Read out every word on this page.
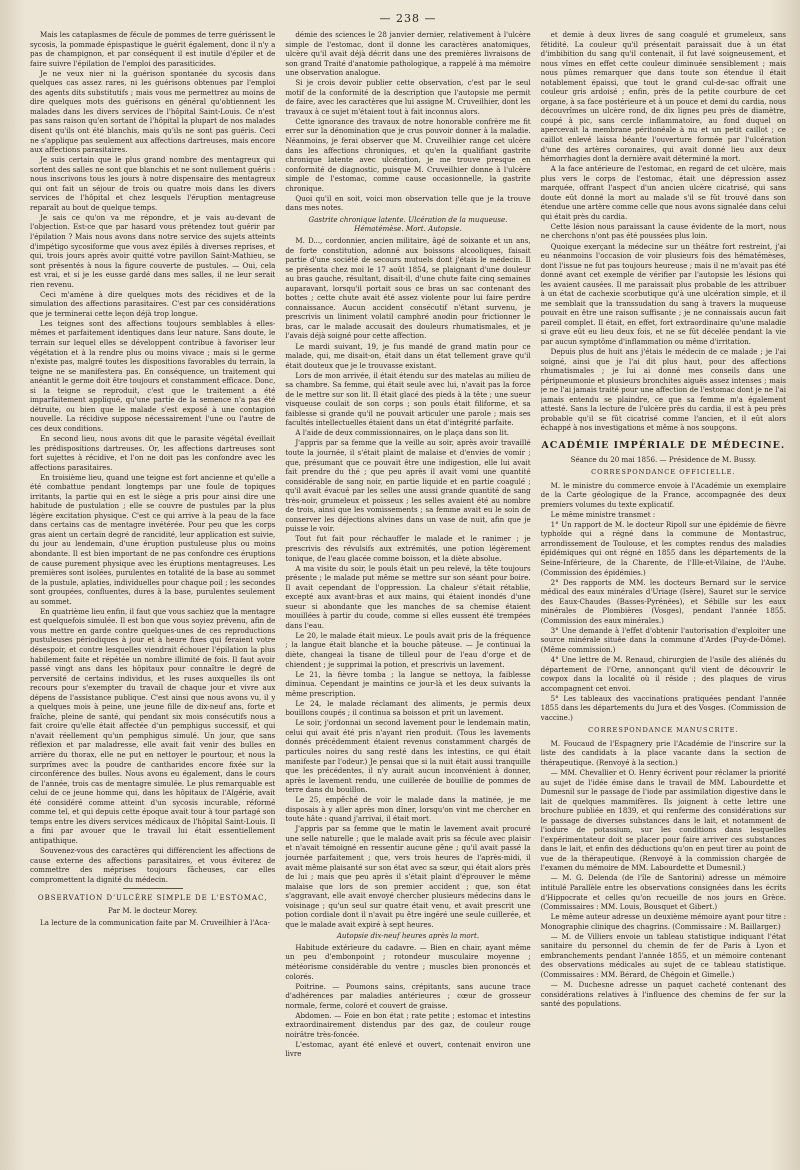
— 238 —

Mais les cataplasmes de fécule de pommes de terre guérissent le sycosis, la pommade épispastique le guérit également, donc il n'y a pas de champignon, et par conséquent il est inutile d'épiler et de faire suivre l'épilation de l'emploi des parasiticides.

Je ne veux nier ni la guérison spontanée du sycosis dans quelques cas assez rares, ni les guérisons obtenues par l'emploi des agents dits substitutifs ; mais vous me permettrez au moins de dire quelques mots des guérisons en général qu'obtiennent les malades dans les divers services de l'hôpital Saint-Louis. Ce n'est pas sans raison qu'en sortant de l'hôpital la plupart de nos malades disent qu'ils ont été blanchis, mais qu'ils ne sont pas guéris. Ceci ne s'applique pas seulement aux affections dartreuses, mais encore aux affections parasitaires.

Je suis certain que le plus grand nombre des mentagreux qui sortent des salles ne sont que blanchis et ne sont nullement guéris : nous inscrivons tous les jours à notre dispensaire des mentagreux qui ont fait un séjour de trois ou quatre mois dans les divers services de l'hôpital et chez lesquels l'éruption mentagreuse reparaît au bout de quelque temps.

Je sais ce qu'on va me répondre, et je vais au-devant de l'objection. Est-ce que par hasard vous prétendez tout guérir par l'épilation ? Mais nous avons dans notre service des sujets atteints d'impétigo sycosiforme que vous avez épilés à diverses reprises, et qui, trois jours après avoir quitté votre pavillon Saint-Mathieu, se sont présentés à nous la figure couverte de pustules. — Oui, cela est vrai, et si je les eusse gardé dans mes salles, il ne leur serait rien revenu.

Ceci m'amène à dire quelques mots des récidives et de la simulation des affections parasitaires. C'est par ces considérations que je terminerai cette leçon déjà trop longue.

Les teignes sont des affections toujours semblables à elles-mêmes et parfaitement identiques dans leur nature. Sans doute, le terrain sur lequel elles se développent contribue à favoriser leur végétation et à la rendre plus ou moins vivace ; mais si le germe n'existe pas, malgré toutes les dispositions favorables du terrain, la teigne ne se manifestera pas. En conséquence, un traitement qui anéantit le germe doit être toujours et constamment efficace. Donc, si la teigne se reproduit, c'est que le traitement a été imparfaitement appliqué, qu'une partie de la semence n'a pas été détruite, ou bien que le malade s'est exposé à une contagion nouvelle. La récidive suppose nécessairement l'une ou l'autre de ces deux conditions.

En second lieu, nous avons dit que le parasite végétal éveillait les prédispositions dartreuses. Or, les affections dartreuses sont fort sujettes à récidive, et l'on ne doit pas les confondre avec les affections parasitaires.

En troisième lieu, quand une teigne est fort ancienne et qu'elle a été combattue pendant longtemps par une foule de topiques irritants, la partie qui en est le siège a pris pour ainsi dire une habitude de pustulation ; elle se couvre de pustules par la plus légère excitation physique. C'est ce qui arrive à la peau de la face dans certains cas de mentagre invétérée. Pour peu que les corps gras aient un certain degré de rancidité, leur application est suivie, du jour au lendemain, d'une éruption pustuleuse plus ou moins abondante. Il est bien important de ne pas confondre ces éruptions de cause purement physique avec les éruptions mentagreuses. Les premières sont isolées, purulentes en totalité de la base au sommet de la pustule, aplaties, individuelles pour chaque poil ; les secondes sont groupées, confluentes, dures à la base, purulentes seulement au sommet.

En quatrième lieu enfin, il faut que vous sachiez que la mentagre est quelquefois simulée. Il est bon que vous soyiez prévenu, afin de vous mettre en garde contre quelques-unes de ces reproductions pustuleuses périodiques à jour et à heure fixes qui feraient votre désespoir, et contre lesquelles viendrait échouer l'épilation la plus habilement faite et répétée un nombre illimité de fois. Il faut avoir passé vingt ans dans les hôpitaux pour connaître le degré de perversité de certains individus, et les ruses auxquelles ils ont recours pour s'exempter du travail de chaque jour et vivre aux dépens de l'assistance publique. C'est ainsi que nous avons vu, il y a quelques mois à peine, une jeune fille de dix-neuf ans, forte et fraîche, pleine de santé, qui pendant six mois consécutifs nous a fait croire qu'elle était affectée d'un pemphigus successif, et qui n'avait réellement qu'un pemphigus simulé. Un jour, que sans réflexion et par maladresse, elle avait fait venir des bulles en arrière du thorax, elle ne put en nettoyer le pourtour, et nous la surprîmes avec la poudre de cantharides encore fixée sur la circonférence des bulles. Nous avons eu également, dans le cours de l'année, trois cas de mentagre simulée. Le plus remarquable est celui de ce jeune homme qui, dans les hôpitaux de l'Algérie, avait été considéré comme atteint d'un sycosis incurable, réformé comme tel, et qui depuis cette époque avait tour à tour partagé son temps entre les divers services médicaux de l'hôpital Saint-Louis. Il a fini par avouer que le travail lui était essentiellement antipathique.

Souvenez-vous des caractères qui différencient les affections de cause externe des affections parasitaires, et vous éviterez de commettre des méprises toujours fâcheuses, car elles compromettent la dignité du médecin.

OBSERVATION D'ULCÈRE SIMPLE DE L'ESTOMAC,

Par M. le docteur Morey.

La lecture de la communication faite par M. Cruveilhier à l'Aca-

démie des sciences le 28 janvier dernier, relativement à l'ulcère simple de l'estomac, dont il donne les caractères anatomiques, ulcère qu'il avait déjà décrit dans une des premières livraisons de son grand Traité d'anatomie pathologique, a rappelé à ma mémoire une observation analogue.

Si je crois devoir publier cette observation, c'est par le seul motif de la conformité de la description que l'autopsie me permit de faire, avec les caractères que lui assigne M. Cruveilhier, dont les travaux à ce sujet m'étaient tout à fait inconnus alors.

Cette ignorance des travaux de notre honorable confrère me fit errer sur la dénomination que je crus pouvoir donner à la maladie. Néanmoins, je ferai observer que M. Cruveilhier range cet ulcère dans les affections chroniques, et qu'en la qualifiant gastrite chronique latente avec ulcération, je me trouve presque en conformité de diagnostic, puisque M. Cruveilhier donne à l'ulcère simple de l'estomac, comme cause occasionnelle, la gastrite chronique.

Quoi qu'il en soit, voici mon observation telle que je la trouve dans mes notes.

Gastrite chronique latente. Ulcération de la muqueuse. Hématémèse. Mort. Autopsie.

M. D..., cordonnier, ancien militaire, âgé de soixante et un ans, de forte constitution, adonné aux boissons alcooliques, faisait partie d'une société de secours mutuels dont j'étais le médecin. Il se présenta chez moi le 17 août 1854, se plaignant d'une douleur au bras gauche, résultant, disait-il, d'une chute faite cinq semaines auparavant, lorsqu'il portait sous ce bras un sac contenant des bottes ; cette chute avait été assez violente pour lui faire perdre connaissance. Aucun accident consécutif n'étant survenu, je prescrivis un liniment volatil camphré anodin pour frictionner le bras, car le malade accusait des douleurs rhumatismales, et je l'avais déjà soigné pour cette affection.

Le mardi suivant, 19, je fus mandé de grand matin pour ce malade, qui, me disait-on, était dans un état tellement grave qu'il était douteux que je le trouvasse existant.

Lors de mon arrivée, il était étendu sur des matelas au milieu de sa chambre. Sa femme, qui était seule avec lui, n'avait pas la force de le mettre sur son lit. Il était glacé des pieds à la tête ; une sueur visqueuse coulait de son corps ; son pouls était filiforme, et sa faiblesse si grande qu'il ne pouvait articuler une parole ; mais ses facultés intellectuelles étaient dans un état d'intégrité parfaite.

A l'aide de deux commissionnaires, on le plaça dans son lit.

J'appris par sa femme que la veille au soir, après avoir travaillé toute la journée, il s'était plaint de malaise et d'envies de vomir ; que, présumant que ce pouvait être une indigestion, elle lui avait fait prendre du thé ; que peu après il avait vomi une quantité considérable de sang noir, en partie liquide et en partie coagulé ; qu'il avait évacué par les selles une aussi grande quantité de sang très-noir, grumeleux et poisseux ; les selles avaient été au nombre de trois, ainsi que les vomissements ; sa femme avait eu le soin de conserver les déjections alvines dans un vase de nuit, afin que je puisse le voir.

Tout fut fait pour réchauffer le malade et le ranimer ; je prescrivis des révulsifs aux extrémités, une potion légèrement tonique, de l'eau glacée comme boisson, et la diète absolue.

A ma visite du soir, le pouls était un peu relevé, la tête toujours présente ; le malade put même se mettre sur son séant pour boire. Il avait cependant de l'oppression. La chaleur s'était rétablie, excepté aux avant-bras et aux mains, qui étaient inondés d'une sueur si abondante que les manches de sa chemise étaient mouillées à partir du coude, comme si elles eussent été trempées dans l'eau.

Le 20, le malade était mieux. Le pouls avait pris de la fréquence ; la langue était blanche et la bouche pâteuse. — Je continuai la diète, changeai la tisane de tilleul pour de l'eau d'orge et de chiendent ; je supprimai la potion, et prescrivis un lavement.

Le 21, la fièvre tomba ; la langue se nettoya, la faiblesse diminua. Cependant je maintins ce jour-là et les deux suivants la même prescription.

Le 24, le malade réclamant des aliments, je permis deux bouillons coupés ; il continua sa boisson et prit un lavement.

Le soir, j'ordonnai un second lavement pour le lendemain matin, celui qui avait été pris n'ayant rien produit. (Tous les lavements donnés précédemment étaient revenus constamment chargés de particules noires du sang resté dans les intestins, ce qui était manifeste par l'odeur.) Je pensai que si la nuit était aussi tranquille que les précédentes, il n'y aurait aucun inconvénient à donner, après le lavement rendu, une cuillerée de bouillie de pommes de terre dans du bouillon.

Le 25, empêché de voir le malade dans la matinée, je me disposais à y aller après mon dîner, lorsqu'on vint me chercher en toute hâte : quand j'arrivai, il était mort.

J'appris par sa femme que le matin le lavement avait procuré une selle naturelle ; que le malade avait pris sa fécule avec plaisir et n'avait témoigné en ressentir aucune gêne ; qu'il avait passé la journée parfaitement ; que, vers trois heures de l'après-midi, il avait même plaisanté sur son état avec sa sœur, qui était alors près de lui ; mais que peu après il s'était plaint d'éprouver le même malaise que lors de son premier accident ; que, son état s'aggravant, elle avait envoyé chercher plusieurs médecins dans le voisinage ; qu'un seul sur quatre était venu, et avait prescrit une potion cordiale dont il n'avait pu être ingéré une seule cuillerée, et que le malade avait expiré à sept heures.

Autopsie dix-neuf heures après la mort.

Habitude extérieure du cadavre. — Bien en chair, ayant même un peu d'embonpoint ; rotondeur musculaire moyenne ; météorisme considérable du ventre ; muscles bien prononcés et colorés.

Poitrine. — Poumons sains, crépitants, sans aucune trace d'adhérences par maladies antérieures ; cœur de grosseur normale, ferme, coloré et couvert de graisse.

Abdomen. — Foie en bon état ; rate petite ; estomac et intestins extraordinairement distendus par des gaz, de couleur rouge noirâtre très-foncée.

L'estomac, ayant été enlevé et ouvert, contenait environ une livre

et demie à deux livres de sang coagulé et grumeleux, sans fétidité. La couleur qu'il présentait paraissait due à un état d'imbibition du sang qu'il contenait, il fut lavé soigneusement, et nous vîmes en effet cette couleur diminuée sensiblement ; mais nous pûmes remarquer que dans toute son étendue il était notablement épaissi, que tout le grand cul-de-sac offrait une couleur gris ardoisé ; enfin, près de la petite courbure de cet organe, à sa face postérieure et à un pouce et demi du cardia, nous découvrîmes un ulcère rond, de dix lignes peu près de diamètre, coupé à pic, sans cercle inflammatoire, au fond duquel on apercevait la membrane péritonéale à nu et un petit caillot ; ce caillot enlevé laissa béante l'ouverture formée par l'ulcération d'une des artères coronaires, qui avait donné lieu aux deux hémorrhagies dont la dernière avait déterminé la mort.

A la face antérieure de l'estomac, en regard de cet ulcère, mais plus vers le corps de l'estomac, était une dépression assez marquée, offrant l'aspect d'un ancien ulcère cicatrisé, qui sans doute eût donné la mort au malade s'il se fût trouvé dans son étendue une artère comme celle que nous avons signalée dans celui qui était près du cardia.

Cette lésion nous paraissant la cause évidente de la mort, nous ne cherchons n'ont pas été poussées plus loin.

Quoique exerçant la médecine sur un théâtre fort restreint, j'ai eu néanmoins l'occasion de voir plusieurs fois des hématémèses, dont l'issue ne fut pas toujours heureuse ; mais il ne m'avait pas été donné avant cet exemple de vérifier par l'autopsie les lésions qui les avaient causées. Il me paraissait plus probable de les attribuer à un état de cachexie scorbutique qu'à une ulcération simple, et il me semblait que la transsudation du sang à travers la muqueuse pouvait en être une raison suffisante ; je ne connaissais aucun fait pareil complet. Il était, en effet, fort extraordinaire qu'une maladie si grave eût eu lieu deux fois, et ne se fût décelée pendant la vie par aucun symptôme d'inflammation ou même d'irritation.

Depuis plus de huit ans j'étais le médecin de ce malade ; je l'ai soigné, ainsi que je l'ai dit plus haut, pour des affections rhumatismales ; je lui ai donné mes conseils dans une péripneumonie et plusieurs bronchites aiguës assez intenses ; mais je ne l'ai jamais traité pour une affection de l'estomac dont je ne l'ai jamais entendu se plaindre, ce que sa femme m'a également attesté. Sans la lecture de l'ulcère près du cardia, il est à peu près probable qu'il se fût cicatrisé comme l'ancien, et il eût alors échappé à nos investigations et même à nos soupçons.

ACADÉMIE IMPÉRIALE DE MÉDECINE.

Séance du 20 mai 1856. — Présidence de M. Bussy.

CORRESPONDANCE OFFICIELLE.

M. le ministre du commerce envoie à l'Académie un exemplaire de la Carte géologique de la France, accompagnée des deux premiers volumes du texte explicatif.

Le même ministre transmet :

1° Un rapport de M. le docteur Ripoll sur une épidémie de fièvre typhoïde qui a régné dans la commune de Montastruc, arrondissement de Toulouse, et les comptes rendus des maladies épidémiques qui ont régné en 1855 dans les départements de la Seine-Inférieure, de la Charente, de l'Ille-et-Vilaine, de l'Aube. (Commission des épidémies.)

2° Des rapports de MM. les docteurs Bernard sur le service médical des eaux minérales d'Uriage (Isère), Sauret sur le service des Eaux-Chaudes (Basses-Pyrénées), et Sébille sur les eaux minérales de Plombières (Vosges), pendant l'année 1855. (Commission des eaux minérales.)

3° Une demande à l'effet d'obtenir l'autorisation d'exploiter une source minérale située dans la commune d'Ardes (Puy-de-Dôme). (Même commission.)

4° Une lettre de M. Renaud, chirurgien de l'asile des aliénés du département de l'Orne, annonçant qu'il vient de découvrir le cowpox dans la localité où il réside ; des plaques de virus accompagnent cet envoi.

5° Les tableaux des vaccinations pratiquées pendant l'année 1855 dans les départements du Jura et des Vosges. (Commission de vaccine.)

CORRESPONDANCE MANUSCRITE.

M. Foucaud de l'Espagnery prie l'Académie de l'inscrire sur la liste des candidats à la place vacante dans la section de thérapeutique. (Renvoyé à la section.)

— MM. Chevallier et O. Henry écrivent pour réclamer la priorité au sujet de l'idée émise dans le travail de MM. Labourdette et Dumesnil sur le passage de l'iode par assimilation digestive dans le lait de quelques mammifères. Ils joignent à cette lettre une brochure publiée en 1839, et qui renferme des considérations sur le passage de diverses substances dans le lait, et notamment de l'iodure de potassium, sur les conditions dans lesquelles l'expérimentateur doit se placer pour faire arriver ces substances dans le lait, et enfin des déductions qu'on en peut tirer au point de vue de la thérapeutique. (Renvoyé à la commission chargée de l'examen du mémoire de MM. Labourdette et Dumesnil.)

— M. G. Delenda (de l'île de Santorini) adresse un mémoire intitulé Parallèle entre les observations consignées dans les écrits d'Hippocrate et celles qu'on recueille de nos jours en Grèce. (Commissaires : MM. Louis, Bousquet et Gibert.)

Le même auteur adresse un deuxième mémoire ayant pour titre : Monographie clinique des chagrins. (Commissaire : M. Baillarger.)

— M. de Villiers envoie un tableau statistique indiquant l'état sanitaire du personnel du chemin de fer de Paris à Lyon et embranchements pendant l'année 1855, et un mémoire contenant des observations médicales au sujet de ce tableau statistique. (Commissaires : MM. Bérard, de Chégoin et Gimelle.)

— M. Duchesne adresse un paquet cacheté contenant des considérations relatives à l'influence des chemins de fer sur la santé des populations.
